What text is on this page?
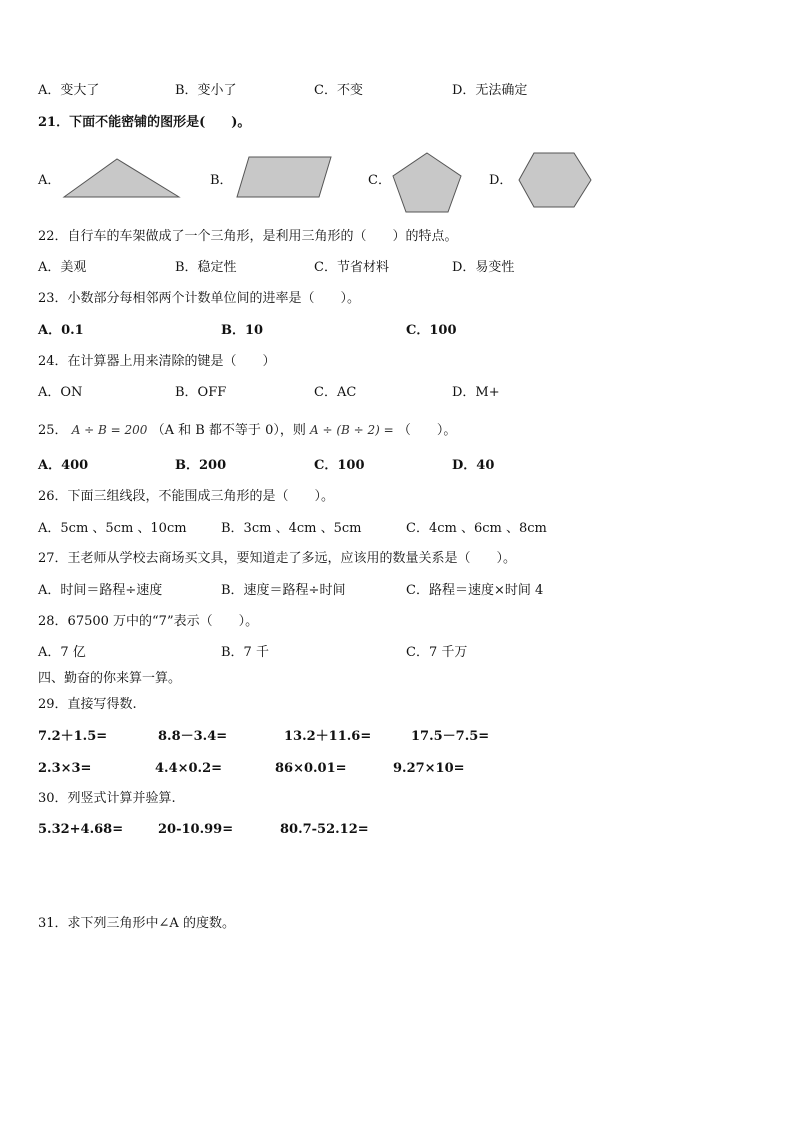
A．变大了	B．变小了	C．不变	D．无法确定
21．下面不能密铺的图形是(　　)。
A．	B．	C．	D．
22．自行车的车架做成了一个三角形，是利用三角形的（　　）的特点。
A．美观	B．稳定性	C．节省材料	D．易变性
23．小数部分每相邻两个计数单位间的进率是（　　）。
A．0.1	B．10	C．100
24．在计算器上用来清除的键是（　　）
A．ON	B．OFF	C．AC	D．M+
25． A ÷ B = 200 （A 和 B 都不等于 0），则 A ÷ (B ÷ 2) = （　　）。
A．400	B．200	C．100	D．40
26．下面三组线段，不能围成三角形的是（　　）。
A．5cm 、5cm 、10cm	B．3cm 、4cm 、5cm	C．4cm 、6cm 、8cm
27．王老师从学校去商场买文具，要知道走了多远，应该用的数量关系是（　　）。
A．时间＝路程÷速度	B．速度＝路程÷时间	C．路程＝速度×时间 4
28．67500 万中的“7”表示（　　）。
A．7 亿	B．7 千	C．7 千万
四、勤奋的你来算一算。
29．直接写得数.
7.2＋1.5=	8.8－3.4=	13.2＋11.6=	17.5－7.5=
2.3×3=	4.4×0.2=	86×0.01=	9.27×10=
30．列竖式计算并验算.
5.32+4.68=	20-10.99=	80.7-52.12=
31．求下列三角形中∠A 的度数。
